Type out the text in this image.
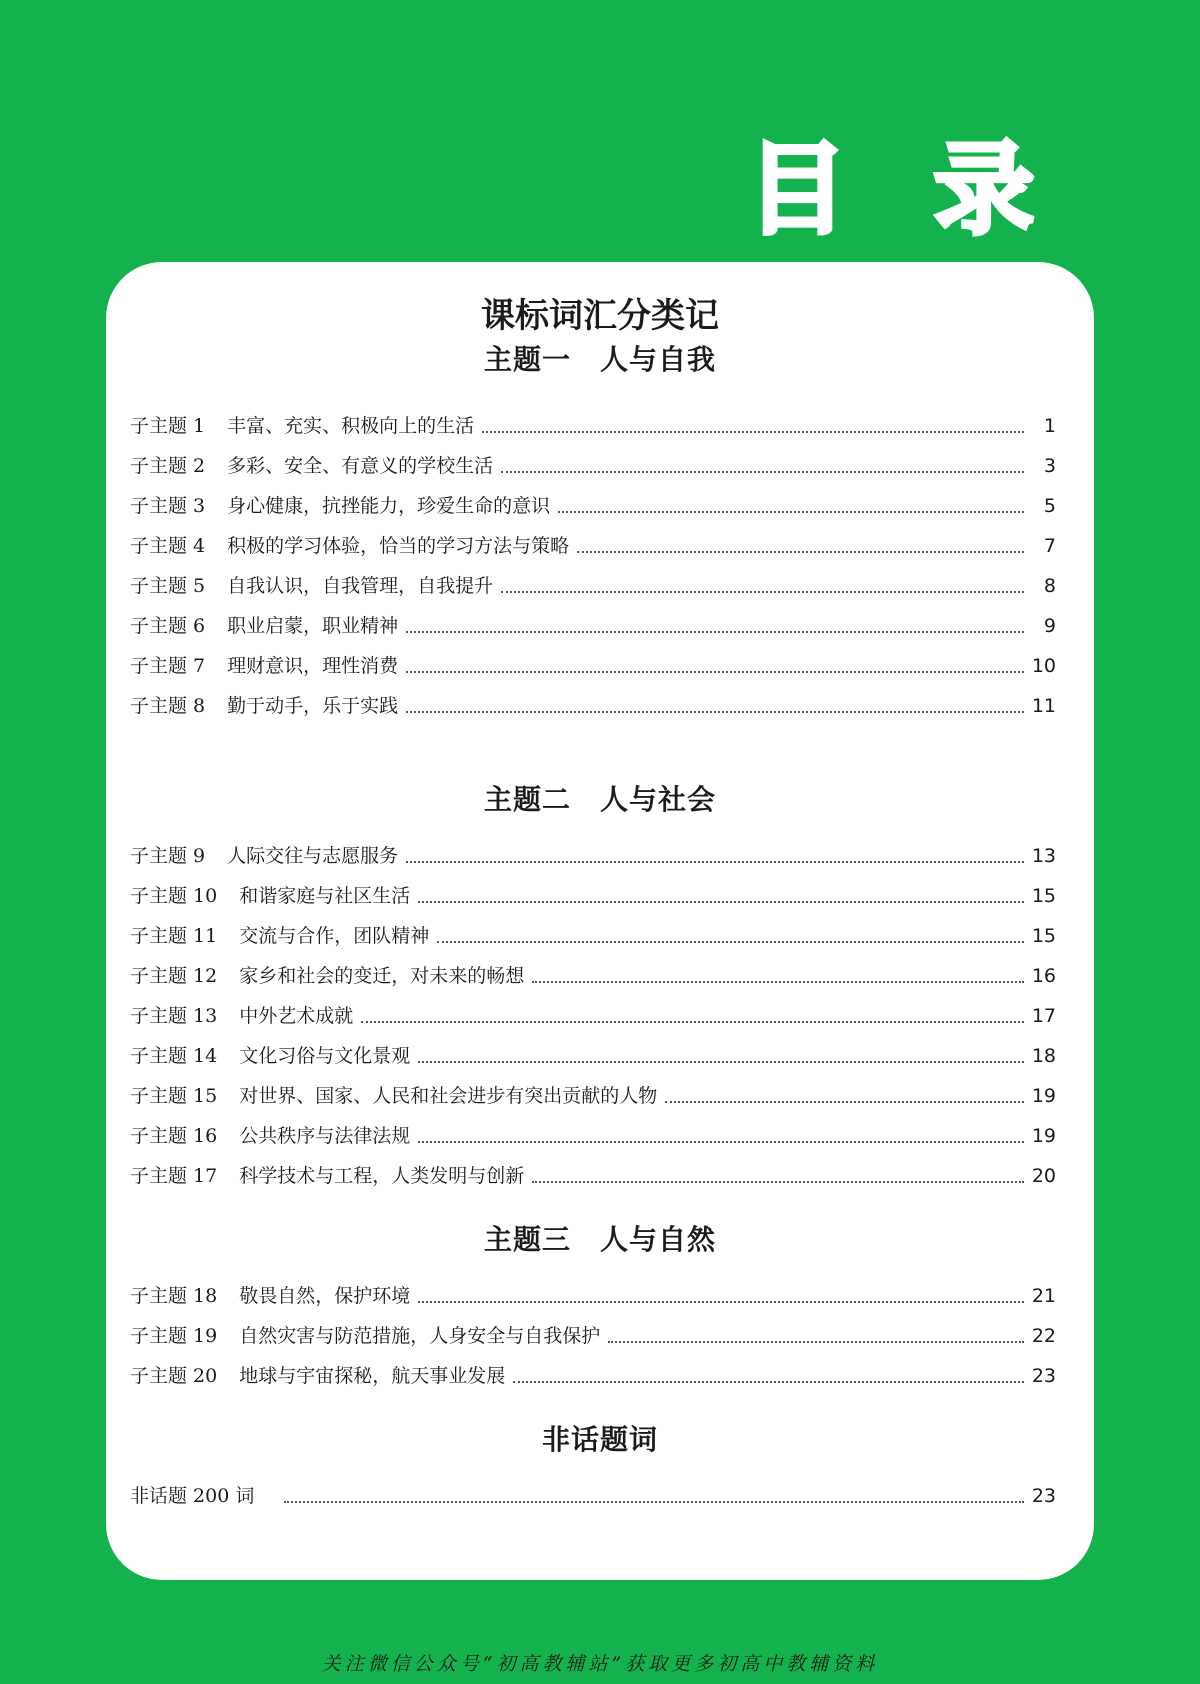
目 录
课标词汇分类记
主题一　人与自我
子主题 1 丰富、充实、积极向上的生活	1
子主题 2 多彩、安全、有意义的学校生活	3
子主题 3 身心健康，抗挫能力，珍爱生命的意识	5
子主题 4 积极的学习体验，恰当的学习方法与策略	7
子主题 5 自我认识，自我管理，自我提升	8
子主题 6 职业启蒙，职业精神	9
子主题 7 理财意识，理性消费	10
子主题 8 勤于动手，乐于实践	11
主题二　人与社会
子主题 9 人际交往与志愿服务	13
子主题 10 和谐家庭与社区生活	15
子主题 11 交流与合作，团队精神	15
子主题 12 家乡和社会的变迁，对未来的畅想	16
子主题 13 中外艺术成就	17
子主题 14 文化习俗与文化景观	18
子主题 15 对世界、国家、人民和社会进步有突出贡献的人物	19
子主题 16 公共秩序与法律法规	19
子主题 17 科学技术与工程，人类发明与创新	20
主题三　人与自然
子主题 18 敬畏自然，保护环境	21
子主题 19 自然灾害与防范措施，人身安全与自我保护	22
子主题 20 地球与宇宙探秘，航天事业发展	23
非话题词
非话题 200 词	23
关注微信公众号“初高教辅站”获取更多初高中教辅资料
